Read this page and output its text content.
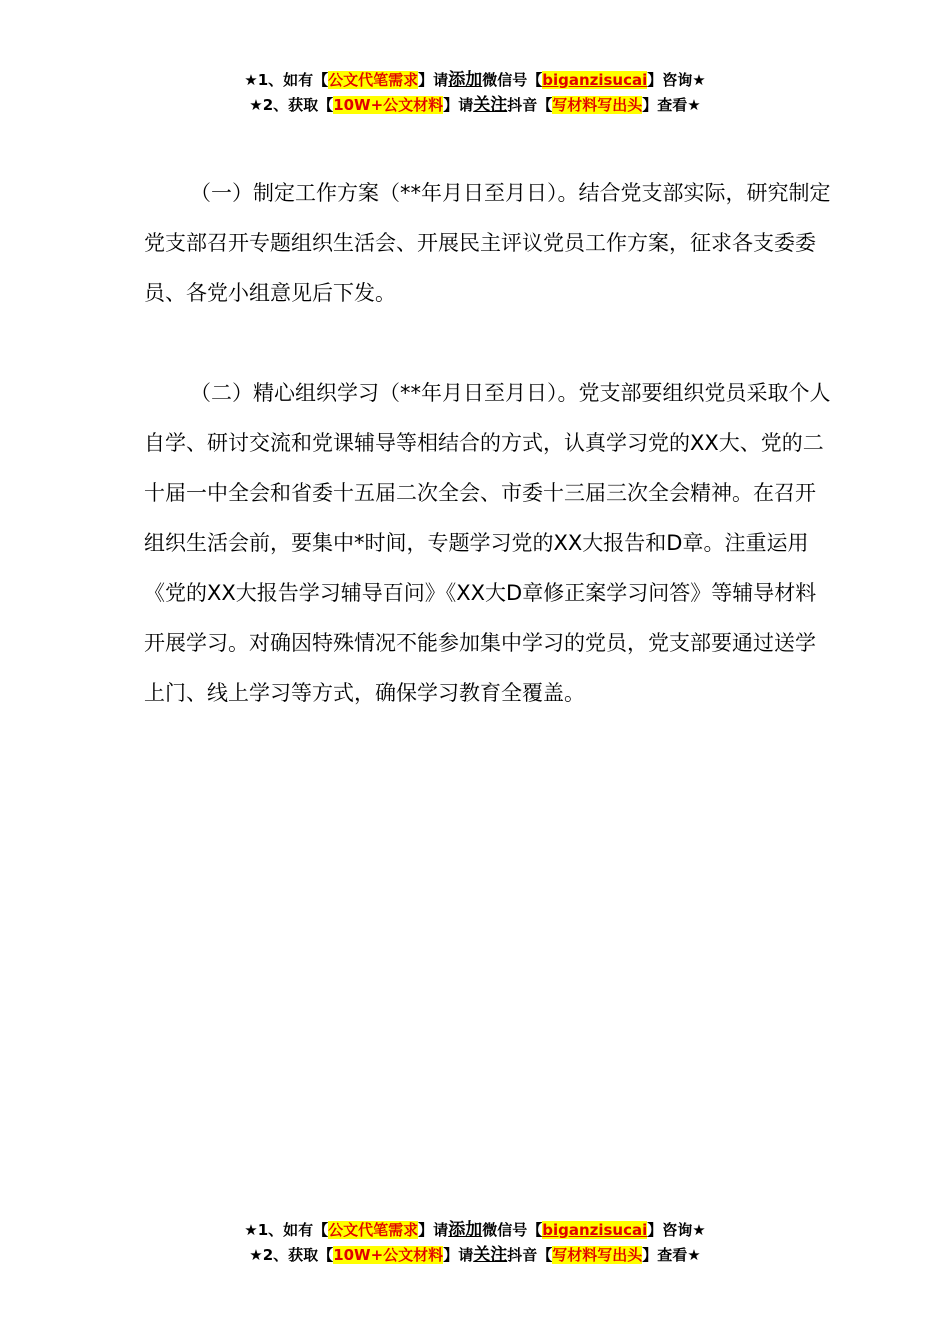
★1、如有【公文代笔需求】请添加微信号【biganzisucai】咨询★
★2、获取【10W+公文材料】请关注抖音【写材料写出头】查看★

（一）制定工作方案（**年月日至月日）。结合党支部实际，研究制定党支部召开专题组织生活会、开展民主评议党员工作方案，征求各支委委员、各党小组意见后下发。

（二）精心组织学习（**年月日至月日）。党支部要组织党员采取个人自学、研讨交流和党课辅导等相结合的方式，认真学习党的XX大、党的二十届一中全会和省委十五届二次全会、市委十三届三次全会精神。在召开组织生活会前，要集中*时间，专题学习党的XX大报告和D章。注重运用《党的XX大报告学习辅导百问》《XX大D章修正案学习问答》等辅导材料开展学习。对确因特殊情况不能参加集中学习的党员，党支部要通过送学上门、线上学习等方式，确保学习教育全覆盖。

★1、如有【公文代笔需求】请添加微信号【biganzisucai】咨询★
★2、获取【10W+公文材料】请关注抖音【写材料写出头】查看★
